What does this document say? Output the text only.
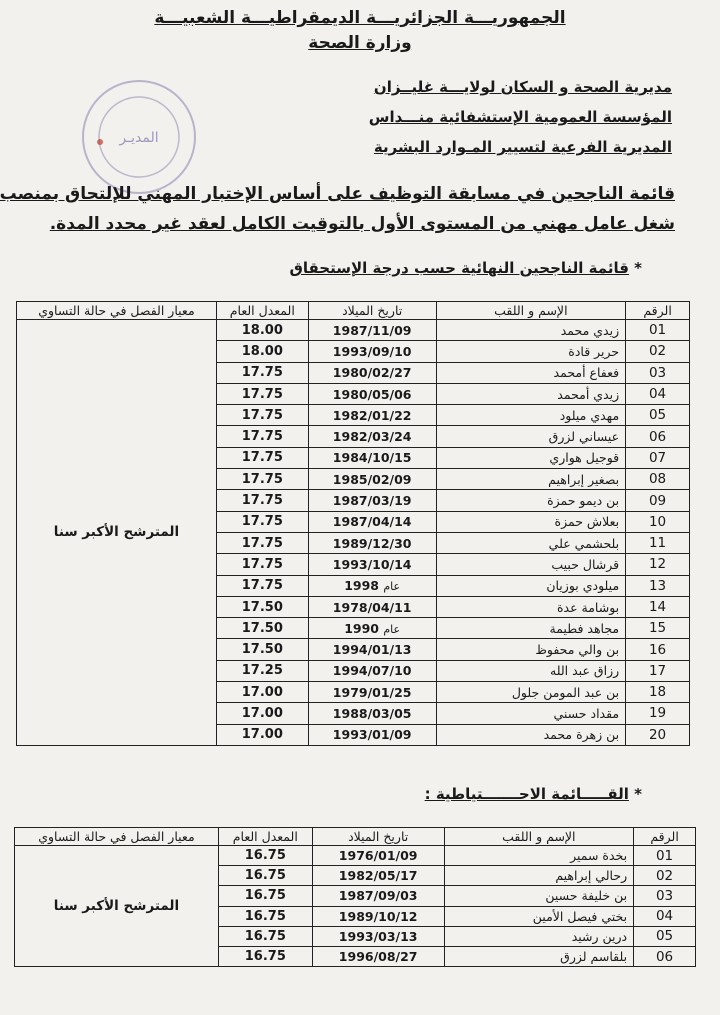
الجمهوريـــة الجزائريـــة الديمقراطيـــة الشعبيـــة
وزارة الصحة
مديرية الصحة و السكان لولايـــة غليــزان
المؤسسة العمومية الإستشفائية منـــداس
المديرية الفرعية لتسيير المـوارد البشرية
المديـر
قائمة الناجحين في مسابقة التوظيف على أساس الإختبار المهني للإلتحاق بمنصب
شغل عامل مهني من المستوى الأول بالتوقيت الكامل لعقد غير محدد المدة.
* قائمة الناجحين النهائية حسب درجة الإستحقاق
الرقم	الإسم و اللقب	تاريخ الميلاد	المعدل العام	معيار الفصل في حالة التساوي
01	زيدي محمد	1987/11/09	18.00	المترشح الأكبر سنا
02	حرير قادة	1993/09/10	18.00	
03	فعفاع أمحمد	1980/02/27	17.75	
04	زيدي أمحمد	1980/05/06	17.75	
05	مهدي ميلود	1982/01/22	17.75	
06	عيساني لزرق	1982/03/24	17.75	
07	قوجيل هواري	1984/10/15	17.75	
08	بصغير إبراهيم	1985/02/09	17.75	
09	بن ديمو حمزة	1987/03/19	17.75	
10	بعلاش حمزة	1987/04/14	17.75	
11	بلحشمي علي	1989/12/30	17.75	
12	قرشال حبيب	1993/10/14	17.75	
13	ميلودي بوزيان	عام 1998	17.75	
14	بوشامة عدة	1978/04/11	17.50	
15	مجاهد فطيمة	عام 1990	17.50	
16	بن والي محفوظ	1994/01/13	17.50	
17	رزاق عبد الله	1994/07/10	17.25	
18	بن عبد المومن جلول	1979/01/25	17.00	
19	مقداد حسني	1988/03/05	17.00	
20	بن زهرة محمد	1993/01/09	17.00	
* القـــــائمة الاحـــــــتياطية :
الرقم	الإسم و اللقب	تاريخ الميلاد	المعدل العام	معيار الفصل في حالة التساوي
01	بخدة سمير	1976/01/09	16.75	المترشح الأكبر سنا
02	رحالي إبراهيم	1982/05/17	16.75	
03	بن خليفة حسين	1987/09/03	16.75	
04	بختي فيصل الأمين	1989/10/12	16.75	
05	درين رشيد	1993/03/13	16.75	
06	بلقاسم لزرق	1996/08/27	16.75	
